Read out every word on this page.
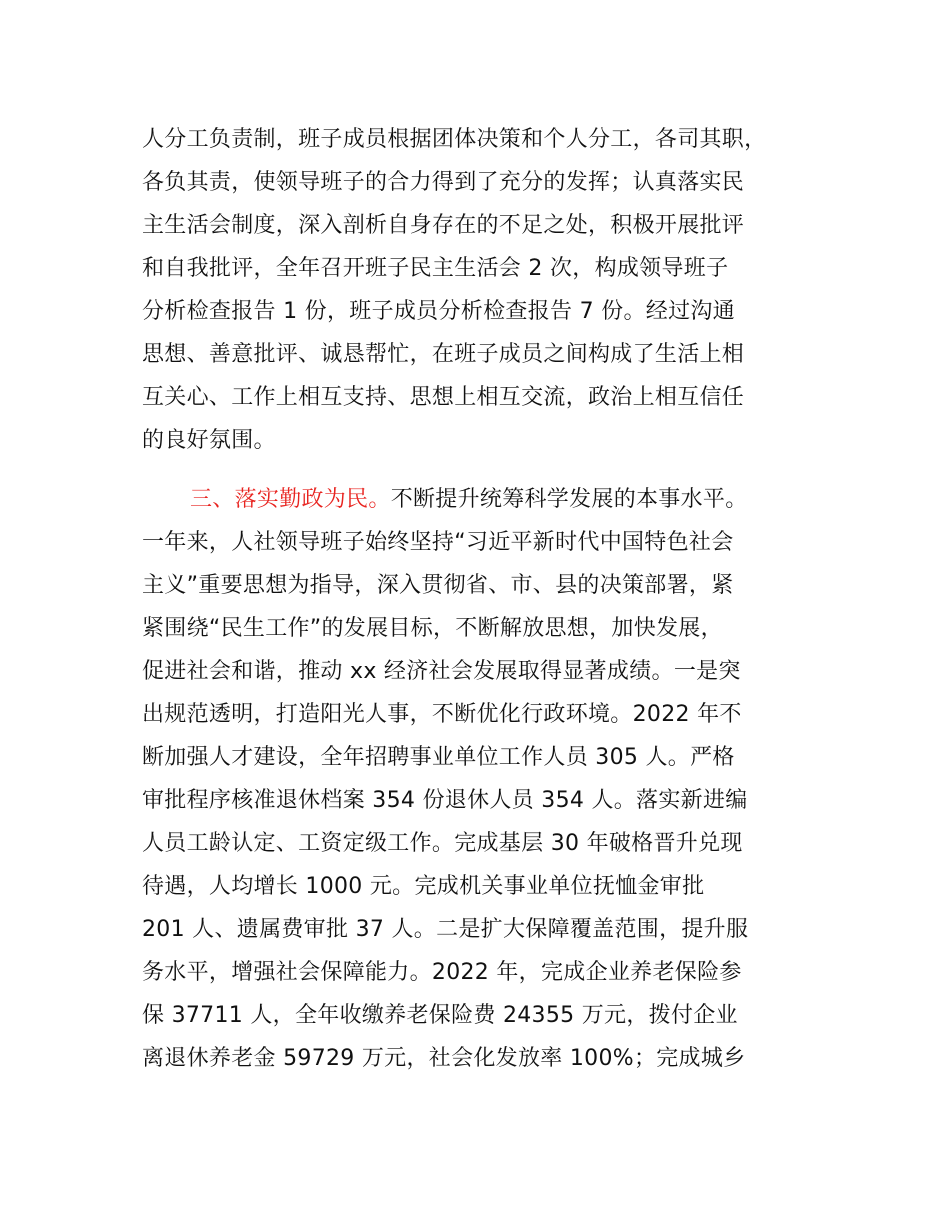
人分工负责制，班子成员根据团体决策和个人分工，各司其职，
各负其责，使领导班子的合力得到了充分的发挥；认真落实民
主生活会制度，深入剖析自身存在的不足之处，积极开展批评
和自我批评，全年召开班子民主生活会 2 次，构成领导班子
分析检查报告 1 份，班子成员分析检查报告 7 份。经过沟通
思想、善意批评、诚恳帮忙，在班子成员之间构成了生活上相
互关心、工作上相互支持、思想上相互交流，政治上相互信任
的良好氛围。
三、落实勤政为民。不断提升统筹科学发展的本事水平。
一年来，人社领导班子始终坚持“习近平新时代中国特色社会
主义”重要思想为指导，深入贯彻省、市、县的决策部署，紧
紧围绕“民生工作”的发展目标，不断解放思想，加快发展，
促进社会和谐，推动 xx 经济社会发展取得显著成绩。一是突
出规范透明，打造阳光人事，不断优化行政环境。2022 年不
断加强人才建设，全年招聘事业单位工作人员 305 人。严格
审批程序核准退休档案 354 份退休人员 354 人。落实新进编
人员工龄认定、工资定级工作。完成基层 30 年破格晋升兑现
待遇，人均增长 1000 元。完成机关事业单位抚恤金审批
201 人、遗属费审批 37 人。二是扩大保障覆盖范围，提升服
务水平，增强社会保障能力。2022 年，完成企业养老保险参
保 37711 人，全年收缴养老保险费 24355 万元，拨付企业
离退休养老金 59729 万元，社会化发放率 100%；完成城乡
